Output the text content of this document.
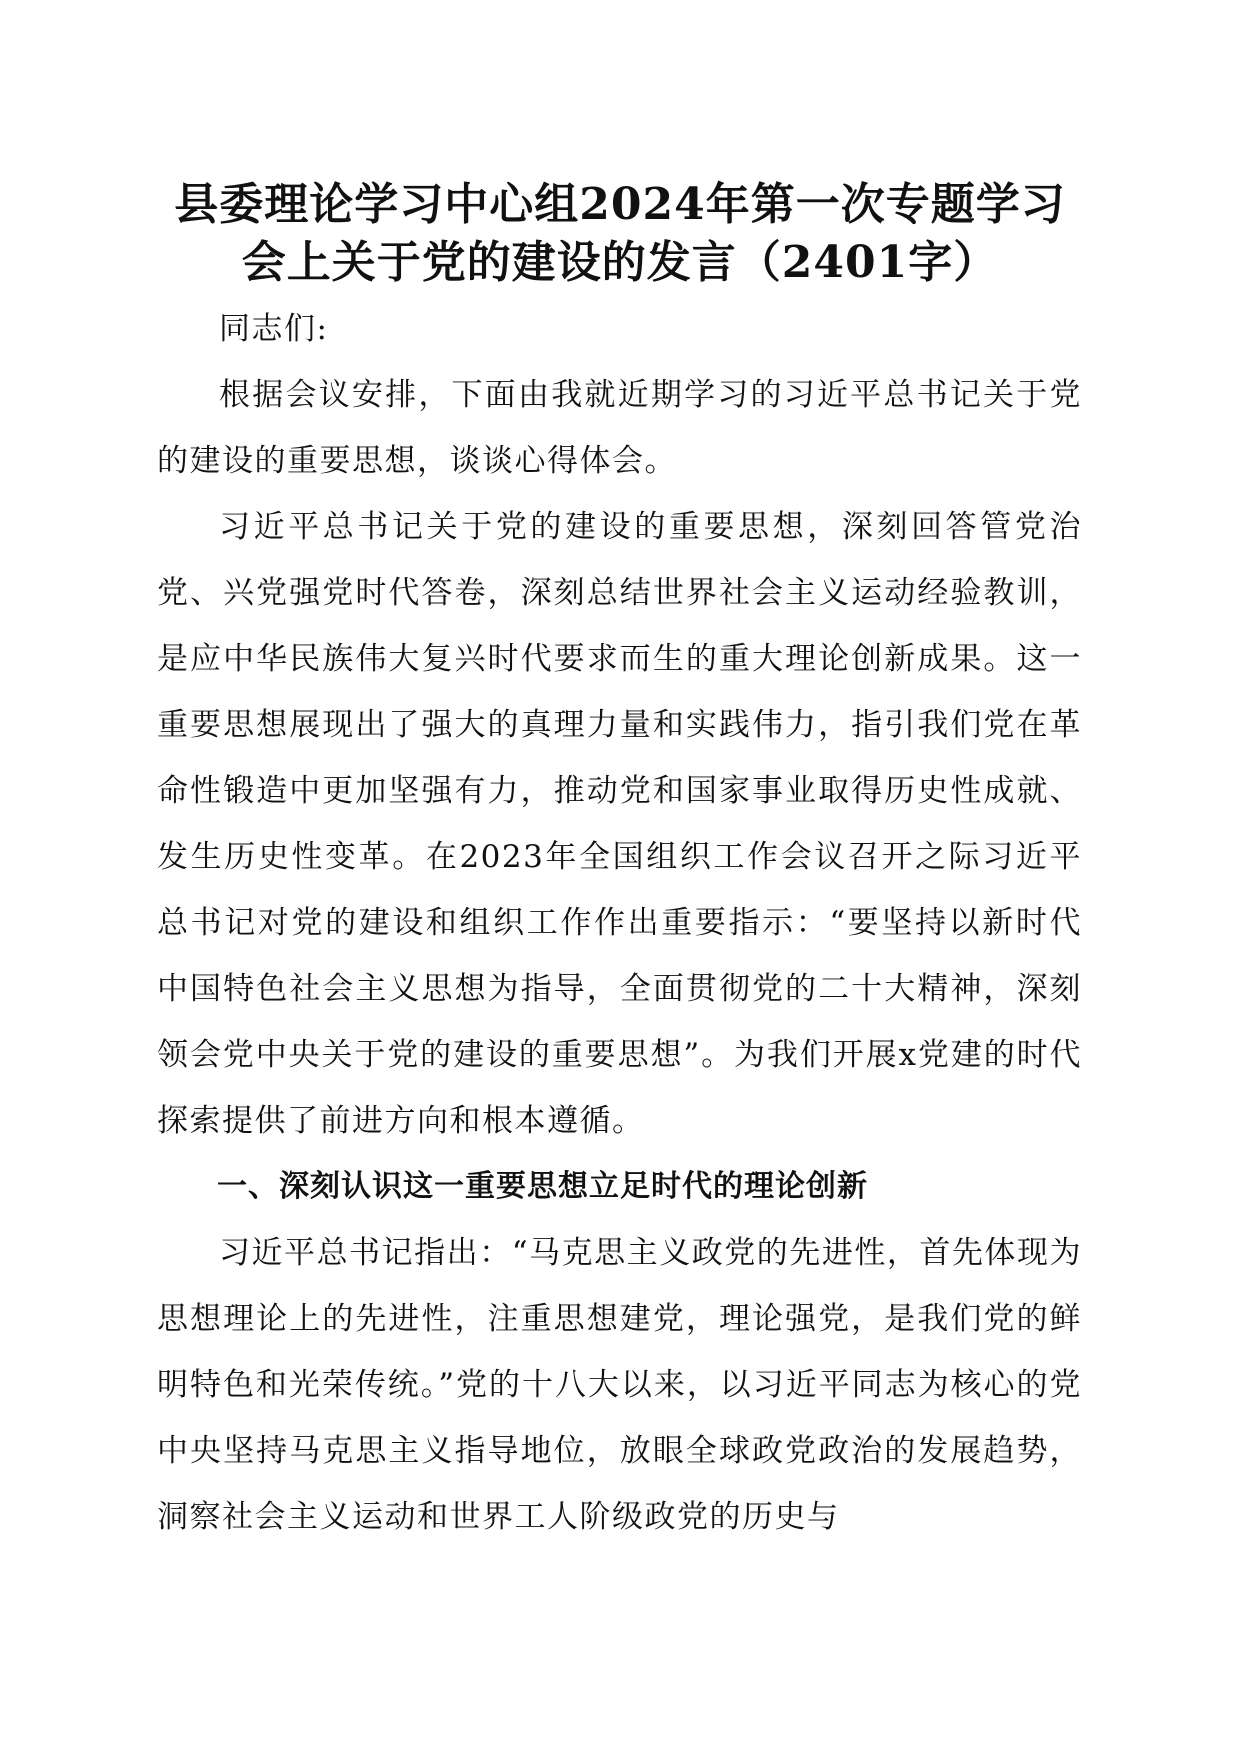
县委理论学习中心组2024年第一次专题学习
会上关于党的建设的发言（2401字）

同志们:

根据会议安排，下面由我就近期学习的习近平总书记关于党的建设的重要思想，谈谈心得体会。

习近平总书记关于党的建设的重要思想，深刻回答管党治党、兴党强党时代答卷，深刻总结世界社会主义运动经验教训，是应中华民族伟大复兴时代要求而生的重大理论创新成果。这一重要思想展现出了强大的真理力量和实践伟力，指引我们党在革命性锻造中更加坚强有力，推动党和国家事业取得历史性成就、发生历史性变革。在2023年全国组织工作会议召开之际习近平总书记对党的建设和组织工作作出重要指示：“要坚持以新时代中国特色社会主义思想为指导，全面贯彻党的二十大精神，深刻领会党中央关于党的建设的重要思想”。为我们开展x党建的时代探索提供了前进方向和根本遵循。

一、深刻认识这一重要思想立足时代的理论创新

习近平总书记指出：“马克思主义政党的先进性，首先体现为思想理论上的先进性，注重思想建党，理论强党，是我们党的鲜明特色和光荣传统。”党的十八大以来，以习近平同志为核心的党中央坚持马克思主义指导地位，放眼全球政党政治的发展趋势，洞察社会主义运动和世界工人阶级政党的历史与
